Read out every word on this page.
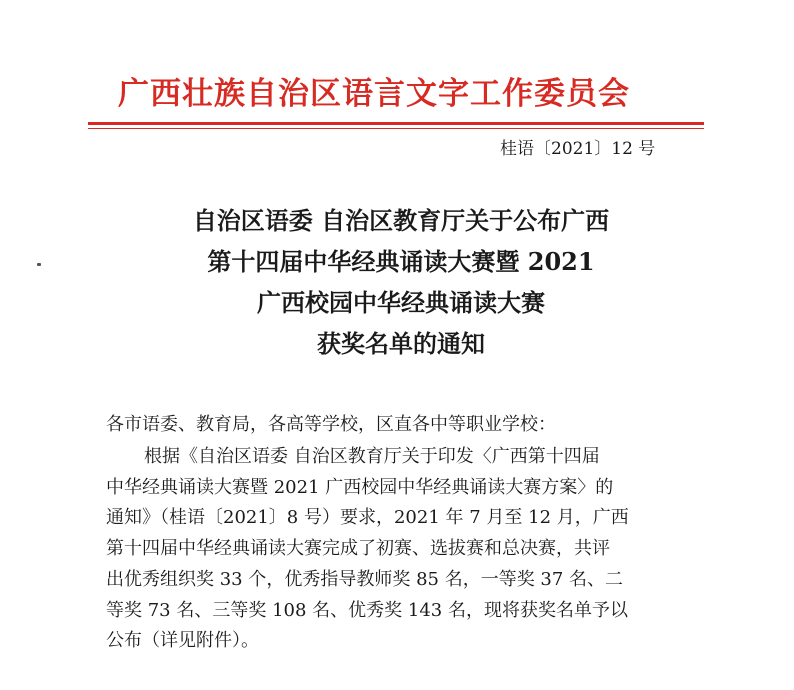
广西壮族自治区语言文字工作委员会
桂语〔2021〕12 号
自治区语委 自治区教育厅关于公布广西
第十四届中华经典诵读大赛暨 2021
广西校园中华经典诵读大赛
获奖名单的通知
各市语委、教育局，各高等学校，区直各中等职业学校：
根据《自治区语委 自治区教育厅关于印发〈广西第十四届
中华经典诵读大赛暨 2021 广西校园中华经典诵读大赛方案〉的
通知》（桂语〔2021〕8 号）要求，2021 年 7 月至 12 月，广西
第十四届中华经典诵读大赛完成了初赛、选拔赛和总决赛，共评
出优秀组织奖 33 个，优秀指导教师奖 85 名，一等奖 37 名、二
等奖 73 名、三等奖 108 名、优秀奖 143 名，现将获奖名单予以
公布（详见附件）。
